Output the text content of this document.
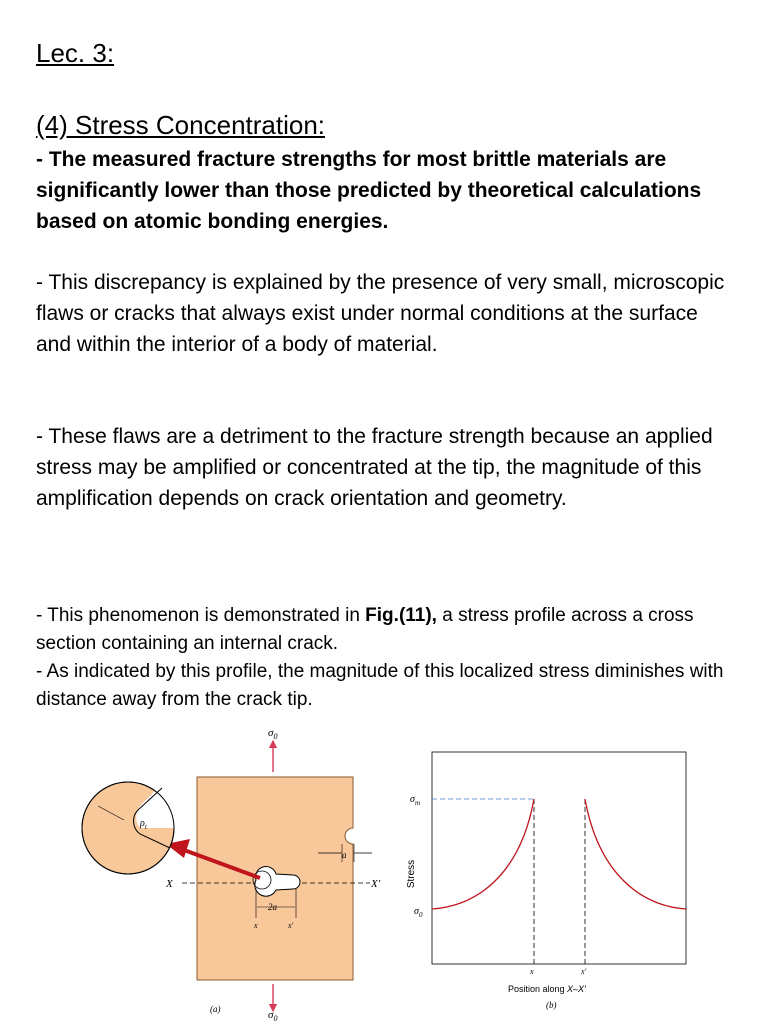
Lec. 3:
(4) Stress Concentration:

- The measured fracture strengths for most brittle materials are significantly lower than those predicted by theoretical calculations based on atomic bonding energies.

- This discrepancy is explained by the presence of very small, microscopic flaws or cracks that always exist under normal conditions at the surface and within the interior of a body of material.

- These flaws are a detriment to the fracture strength because an applied stress may be amplified or concentrated at the tip, the magnitude of this amplification depends on crack orientation and geometry.

- This phenomenon is demonstrated in Fig.(11), a stress profile across a cross section containing an internal crack.
- As indicated by this profile, the magnitude of this localized stress diminishes with distance away from the crack tip.
$\sigma_0$
a
X	X′
2a
x	x′
$\rho_t$
$\sigma_0$
(a)
Stress
$\sigma_m$
$\sigma_0$
x	x′
Position along X–X′
(b)
